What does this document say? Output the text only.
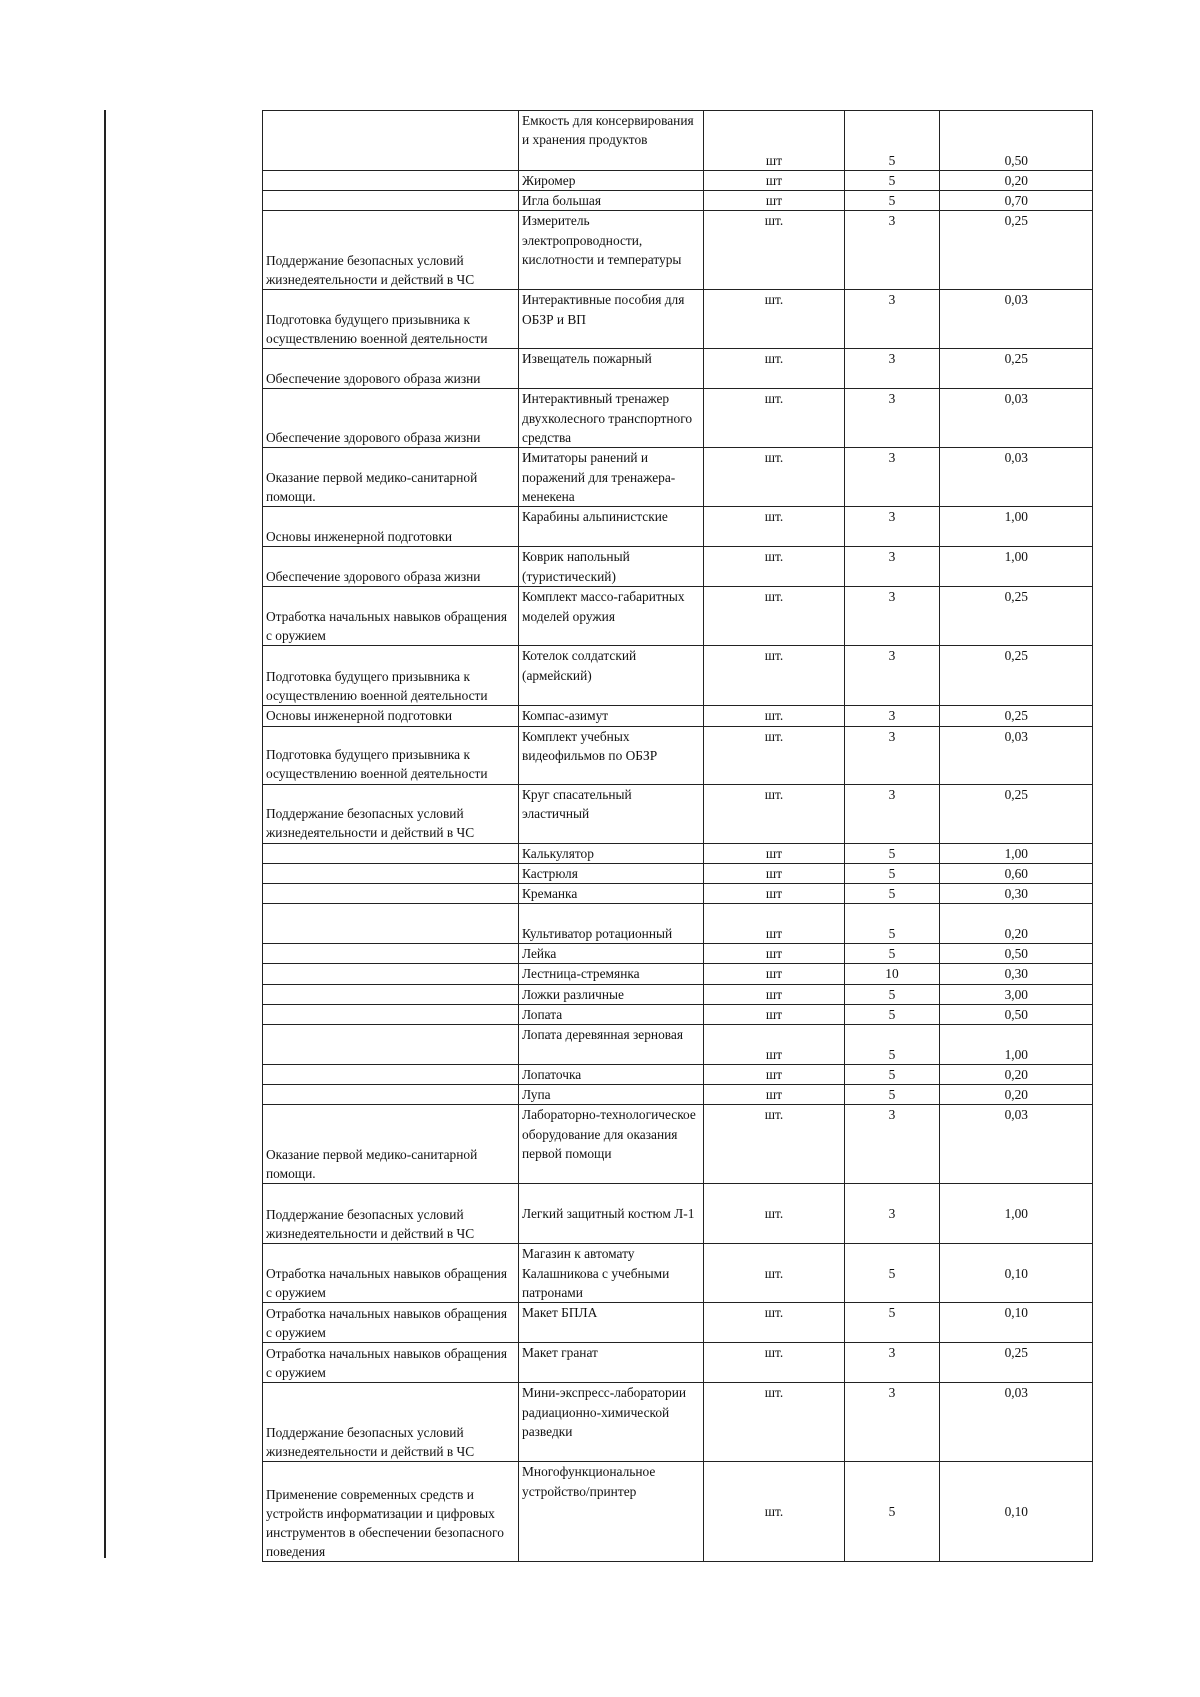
	Емкость для консервирования и хранения продуктов	шт	5	0,50
	Жиромер	шт	5	0,20
	Игла большая	шт	5	0,70
Поддержание безопасных условий жизнедеятельности и действий в ЧС	Измеритель электропроводности, кислотности и температуры	шт.	3	0,25
Подготовка будущего призывника к осуществлению военной деятельности	Интерактивные пособия для ОБЗР и ВП	шт.	3	0,03
Обеспечение здорового образа жизни	Извещатель пожарный	шт.	3	0,25
Обеспечение здорового образа жизни	Интерактивный тренажер двухколесного транспортного средства	шт.	3	0,03
Оказание первой медико-санитарной помощи.	Имитаторы ранений и поражений для тренажера-менекена	шт.	3	0,03
Основы инженерной подготовки	Карабины альпинистские	шт.	3	1,00
Обеспечение здорового образа жизни	Коврик напольный (туристический)	шт.	3	1,00
Отработка начальных навыков обращения с оружием	Комплект массо-габаритных моделей оружия	шт.	3	0,25
Подготовка будущего призывника к осуществлению военной деятельности	Котелок солдатский (армейский)	шт.	3	0,25
Основы инженерной подготовки	Компас-азимут	шт.	3	0,25
Подготовка будущего призывника к осуществлению военной деятельности	Комплект учебных видеофильмов по ОБЗР	шт.	3	0,03
Поддержание безопасных условий жизнедеятельности и действий в ЧС	Круг спасательный эластичный	шт.	3	0,25
	Калькулятор	шт	5	1,00
	Кастрюля	шт	5	0,60
	Креманка	шт	5	0,30
	Культиватор ротационный	шт	5	0,20
	Лейка	шт	5	0,50
	Лестница-стремянка	шт	10	0,30
	Ложки различные	шт	5	3,00
	Лопата	шт	5	0,50
	Лопата деревянная зерновая	шт	5	1,00
	Лопаточка	шт	5	0,20
	Лупа	шт	5	0,20
Оказание первой медико-санитарной помощи.	Лабораторно-технологическое оборудование для оказания первой помощи	шт.	3	0,03
Поддержание безопасных условий жизнедеятельности и действий в ЧС	Легкий защитный костюм Л-1	шт.	3	1,00
Отработка начальных навыков обращения с оружием	Магазин к автомату Калашникова с учебными патронами	шт.	5	0,10
Отработка начальных навыков обращения с оружием	Макет БПЛА	шт.	5	0,10
Отработка начальных навыков обращения с оружием	Макет гранат	шт.	3	0,25
Поддержание безопасных условий жизнедеятельности и действий в ЧС	Мини-экспресс-лаборатории радиационно-химической разведки	шт.	3	0,03
Применение современных средств и устройств информатизации и цифровых инструментов в обеспечении безопасного поведения	Многофункциональное устройство/принтер	шт.	5	0,10
